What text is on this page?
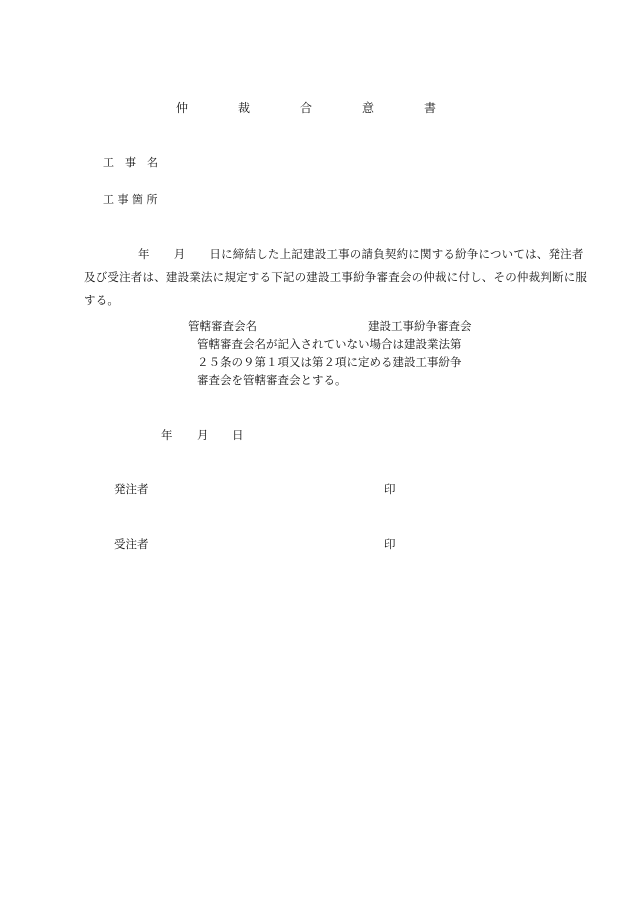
仲	裁	合	意	書
工　事　名
工 事 箇 所
年 月 日に締結した上記建設工事の請負契約に関する紛争については、発注者
及び受注者は、建設業法に規定する下記の建設工事紛争審査会の仲裁に付し、その仲裁判断に服
する。
管轄審査会名	建設工事紛争審査会
管轄審査会名が記入されていない場合は建設業法第
２５条の９第１項又は第２項に定める建設工事紛争
審査会を管轄審査会とする。
年 月 日
発注者	印
受注者	印
